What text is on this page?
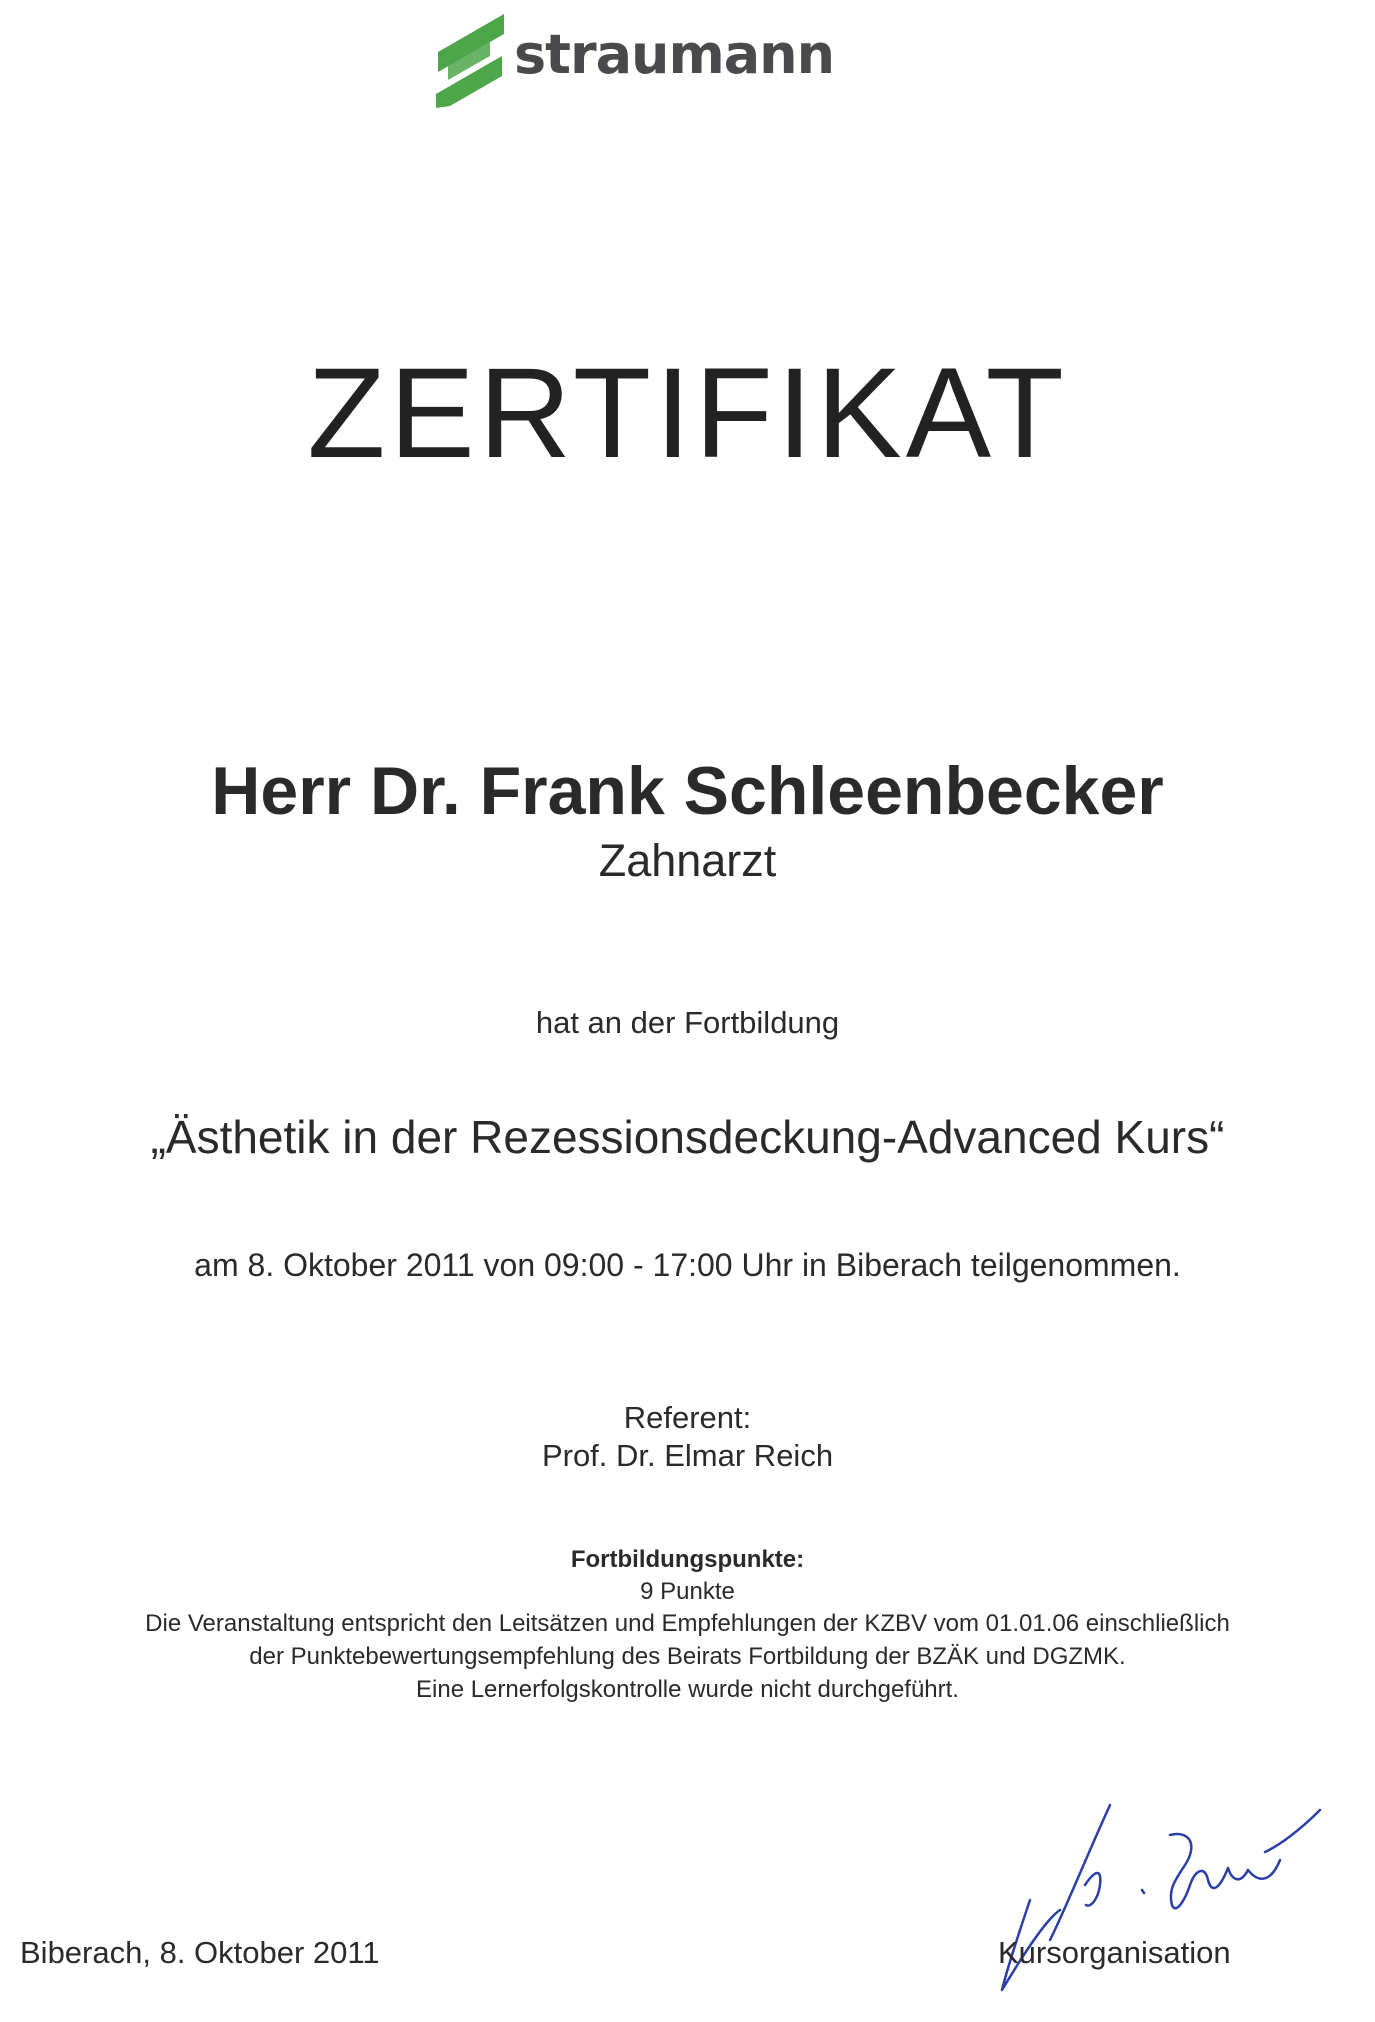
straumann
ZERTIFIKAT
Herr Dr. Frank Schleenbecker
Zahnarzt
hat an der Fortbildung
„Ästhetik in der Rezessionsdeckung-Advanced Kurs“
am 8. Oktober 2011 von 09:00 - 17:00 Uhr in Biberach teilgenommen.
Referent:
Prof. Dr. Elmar Reich
Fortbildungspunkte:
9 Punkte
Die Veranstaltung entspricht den Leitsätzen und Empfehlungen der KZBV vom 01.01.06 einschließlich
der Punktebewertungsempfehlung des Beirats Fortbildung der BZÄK und DGZMK.
Eine Lernerfolgskontrolle wurde nicht durchgeführt.
Biberach, 8. Oktober 2011	Kursorganisation
